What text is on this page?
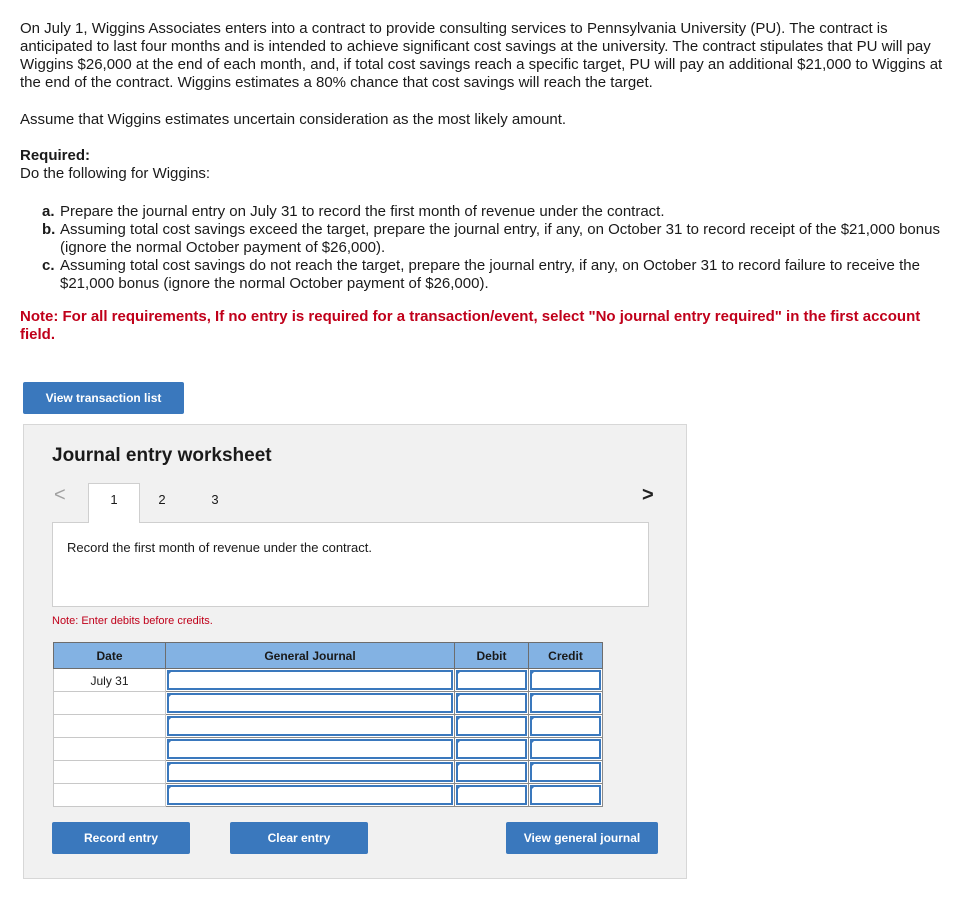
On July 1, Wiggins Associates enters into a contract to provide consulting services to Pennsylvania University (PU). The contract is anticipated to last four months and is intended to achieve significant cost savings at the university. The contract stipulates that PU will pay Wiggins $26,000 at the end of each month, and, if total cost savings reach a specific target, PU will pay an additional $21,000 to Wiggins at the end of the contract. Wiggins estimates a 80% chance that cost savings will reach the target.

Assume that Wiggins estimates uncertain consideration as the most likely amount.

Required:

Do the following for Wiggins:

a. Prepare the journal entry on July 31 to record the first month of revenue under the contract.
b. Assuming total cost savings exceed the target, prepare the journal entry, if any, on October 31 to record receipt of the $21,000 bonus (ignore the normal October payment of $26,000).
c. Assuming total cost savings do not reach the target, prepare the journal entry, if any, on October 31 to record failure to receive the $21,000 bonus (ignore the normal October payment of $26,000).

Note: For all requirements, If no entry is required for a transaction/event, select "No journal entry required" in the first account field.

View transaction list
Journal entry worksheet
<	1	2	3	>
Record the first month of revenue under the contract.
Note: Enter debits before credits.
Date	General Journal	Debit	Credit
July 31	

Record entry	Clear entry	View general journal
